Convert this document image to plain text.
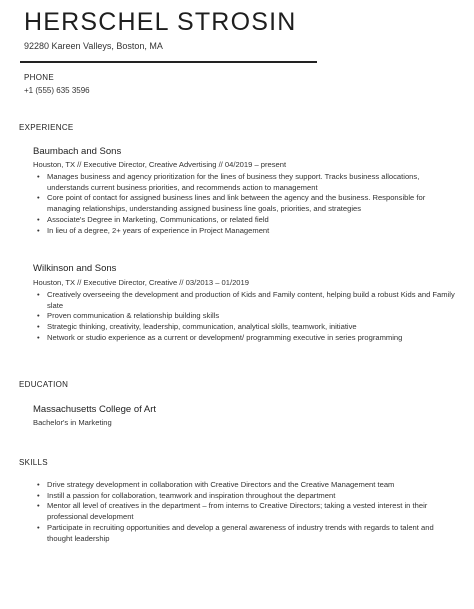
HERSCHEL STROSIN
92280 Kareen Valleys, Boston, MA
PHONE
+1 (555) 635 3596
EXPERIENCE
Baumbach and Sons
Houston, TX // Executive Director, Creative Advertising // 04/2019 – present
• Manages business and agency prioritization for the lines of business they support. Tracks business allocations, understands current business priorities, and recommends action to management
• Core point of contact for assigned business lines and link between the agency and the business. Responsible for managing relationships, understanding assigned business line goals, priorities, and strategies
• Associate's Degree in Marketing, Communications, or related field
• In lieu of a degree, 2+ years of experience in Project Management
Wilkinson and Sons
Houston, TX // Executive Director, Creative // 03/2013 – 01/2019
• Creatively overseeing the development and production of Kids and Family content, helping build a robust Kids and Family slate
• Proven communication & relationship building skills
• Strategic thinking, creativity, leadership, communication, analytical skills, teamwork, initiative
• Network or studio experience as a current or development/ programming executive in series programming
EDUCATION
Massachusetts College of Art
Bachelor's in Marketing
SKILLS
• Drive strategy development in collaboration with Creative Directors and the Creative Management team
• Instill a passion for collaboration, teamwork and inspiration throughout the department
• Mentor all level of creatives in the department – from interns to Creative Directors; taking a vested interest in their professional development
• Participate in recruiting opportunities and develop a general awareness of industry trends with regards to talent and thought leadership
